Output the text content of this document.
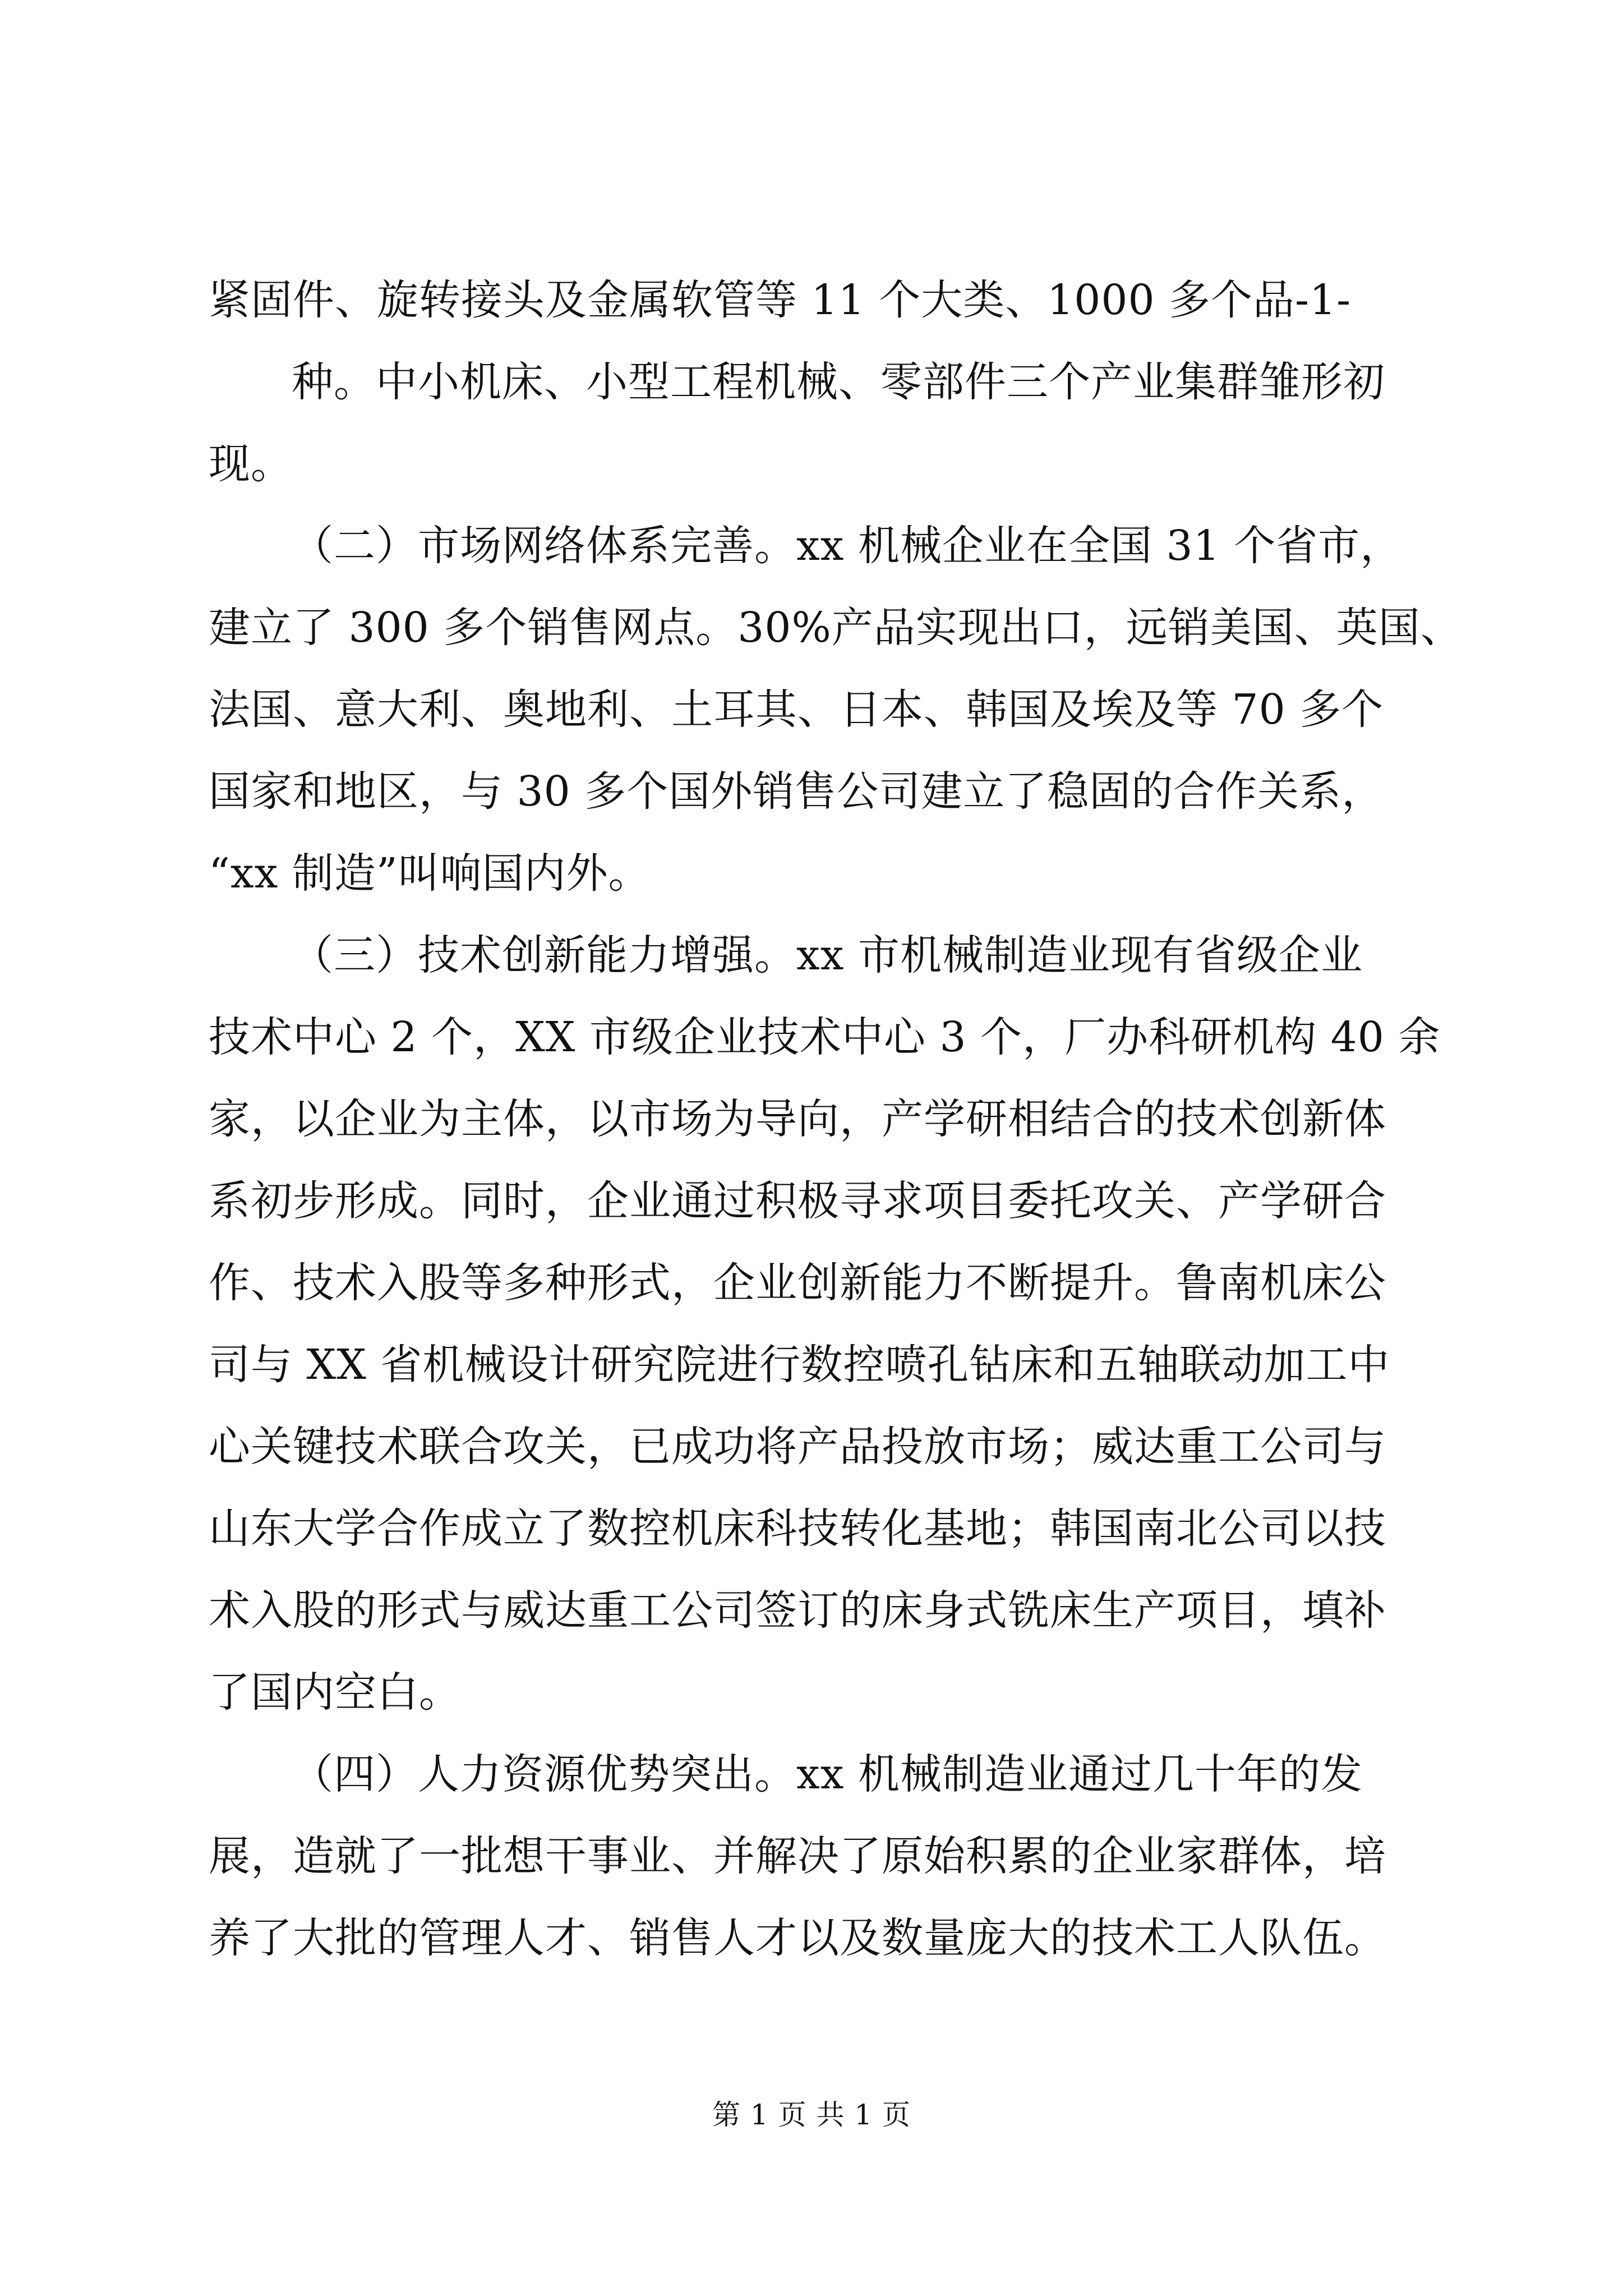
紧固件、旋转接头及金属软管等 11 个大类、1000 多个品-1-
种。中小机床、小型工程机械、零部件三个产业集群雏形初
现。
（二）市场网络体系完善。xx 机械企业在全国 31 个省市，
建立了 300 多个销售网点。30%产品实现出口，远销美国、英国、
法国、意大利、奥地利、土耳其、日本、韩国及埃及等 70 多个
国家和地区，与 30 多个国外销售公司建立了稳固的合作关系，
“xx 制造”叫响国内外。
（三）技术创新能力增强。xx 市机械制造业现有省级企业
技术中心 2 个，XX 市级企业技术中心 3 个，厂办科研机构 40 余
家，以企业为主体，以市场为导向，产学研相结合的技术创新体
系初步形成。同时，企业通过积极寻求项目委托攻关、产学研合
作、技术入股等多种形式，企业创新能力不断提升。鲁南机床公
司与 XX 省机械设计研究院进行数控喷孔钻床和五轴联动加工中
心关键技术联合攻关，已成功将产品投放市场；威达重工公司与
山东大学合作成立了数控机床科技转化基地；韩国南北公司以技
术入股的形式与威达重工公司签订的床身式铣床生产项目，填补
了国内空白。
（四）人力资源优势突出。xx 机械制造业通过几十年的发
展，造就了一批想干事业、并解决了原始积累的企业家群体，培
养了大批的管理人才、销售人才以及数量庞大的技术工人队伍。
第 1 页 共 1 页
